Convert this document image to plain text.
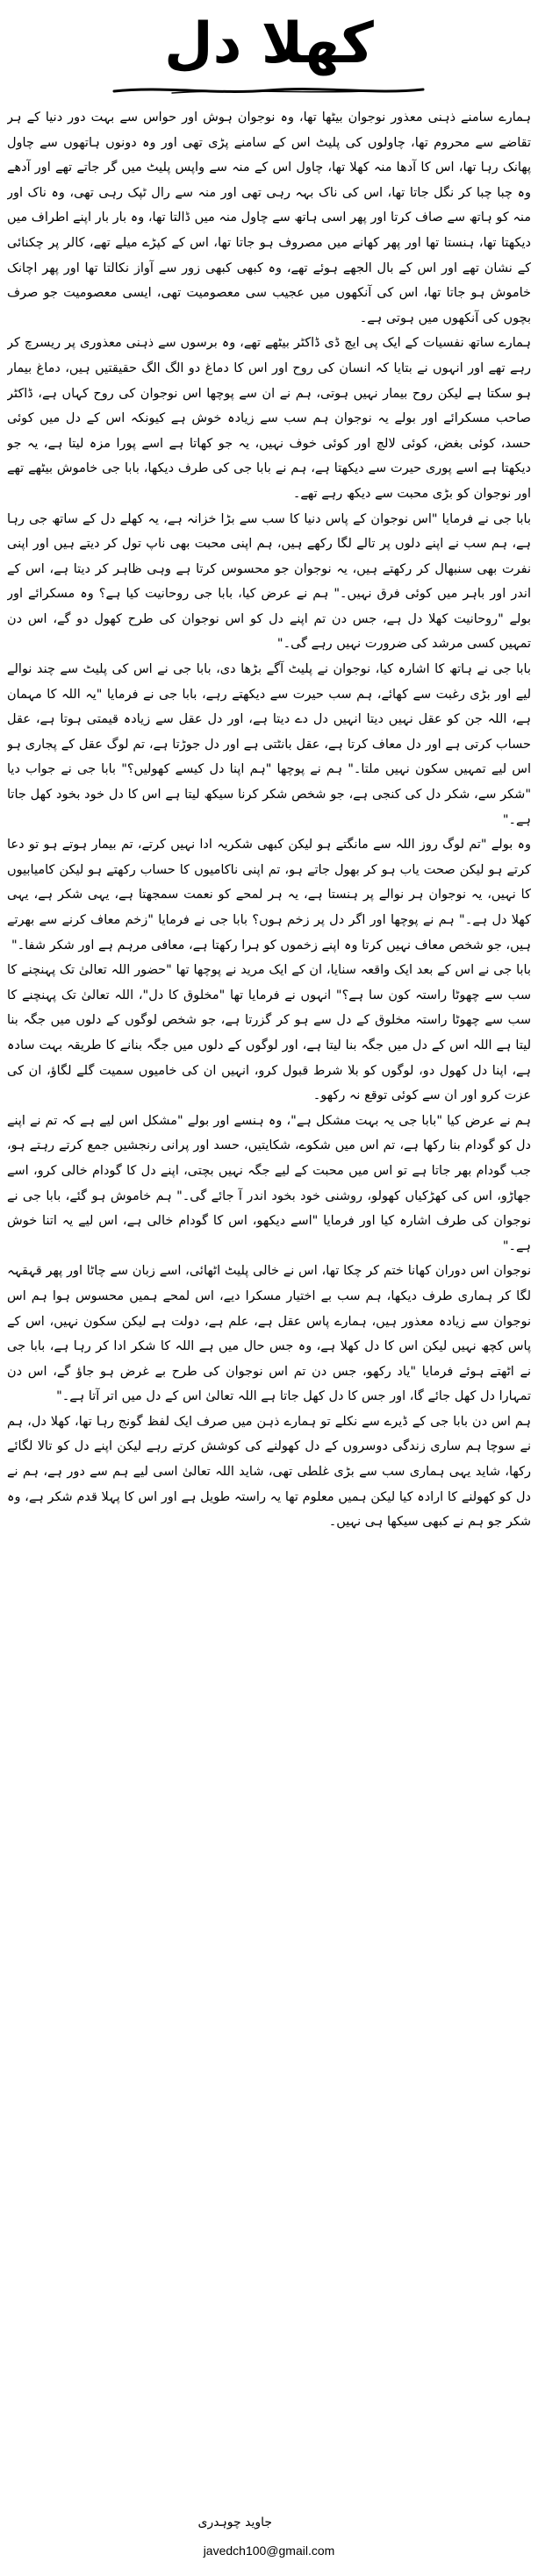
کھلا دل

ہمارے سامنے ذہنی معذور نوجوان بیٹھا تھا، وہ نوجوان ہوش اور حواس سے بہت دور دنیا کے ہر تقاضے سے محروم تھا، چاولوں کی پلیٹ اس کے سامنے پڑی تھی اور وہ دونوں ہاتھوں سے چاول پھانک رہا تھا، اس کا آدھا منہ کھلا تھا، چاول اس کے منہ سے واپس پلیٹ میں گر جاتے تھے اور آدھے وہ چبا چبا کر نگل جاتا تھا، اس کی ناک بہہ رہی تھی اور منہ سے رال ٹپک رہی تھی، وہ ناک اور منہ کو ہاتھ سے صاف کرتا اور پھر اسی ہاتھ سے چاول منہ میں ڈالتا تھا، وہ بار بار اپنے اطراف میں دیکھتا تھا، ہنستا تھا اور پھر کھانے میں مصروف ہو جاتا تھا، اس کے کپڑے میلے تھے، کالر پر چکنائی کے نشان تھے اور اس کے بال الجھے ہوئے تھے، وہ کبھی کبھی زور سے آواز نکالتا تھا اور پھر اچانک خاموش ہو جاتا تھا، اس کی آنکھوں میں عجیب سی معصومیت تھی، ایسی معصومیت جو صرف بچوں کی آنکھوں میں ہوتی ہے۔

ہمارے ساتھ نفسیات کے ایک پی ایچ ڈی ڈاکٹر بیٹھے تھے، وہ برسوں سے ذہنی معذوری پر ریسرچ کر رہے تھے اور انہوں نے بتایا کہ انسان کی روح اور اس کا دماغ دو الگ الگ حقیقتیں ہیں، دماغ بیمار ہو سکتا ہے لیکن روح بیمار نہیں ہوتی، ہم نے ان سے پوچھا اس نوجوان کی روح کہاں ہے، ڈاکٹر صاحب مسکرائے اور بولے یہ نوجوان ہم سب سے زیادہ خوش ہے کیونکہ اس کے دل میں کوئی حسد، کوئی بغض، کوئی لالچ اور کوئی خوف نہیں، یہ جو کھاتا ہے اسے پورا مزہ لیتا ہے، یہ جو دیکھتا ہے اسے پوری حیرت سے دیکھتا ہے، ہم نے بابا جی کی طرف دیکھا، بابا جی خاموش بیٹھے تھے اور نوجوان کو بڑی محبت سے دیکھ رہے تھے۔

بابا جی نے فرمایا "اس نوجوان کے پاس دنیا کا سب سے بڑا خزانہ ہے، یہ کھلے دل کے ساتھ جی رہا ہے، ہم سب نے اپنے دلوں پر تالے لگا رکھے ہیں، ہم اپنی محبت بھی ناپ تول کر دیتے ہیں اور اپنی نفرت بھی سنبھال کر رکھتے ہیں، یہ نوجوان جو محسوس کرتا ہے وہی ظاہر کر دیتا ہے، اس کے اندر اور باہر میں کوئی فرق نہیں۔" ہم نے عرض کیا، بابا جی روحانیت کیا ہے؟ وہ مسکرائے اور بولے "روحانیت کھلا دل ہے، جس دن تم اپنے دل کو اس نوجوان کی طرح کھول دو گے، اس دن تمہیں کسی مرشد کی ضرورت نہیں رہے گی۔"

بابا جی نے ہاتھ کا اشارہ کیا، نوجوان نے پلیٹ آگے بڑھا دی، بابا جی نے اس کی پلیٹ سے چند نوالے لیے اور بڑی رغبت سے کھائے، ہم سب حیرت سے دیکھتے رہے، بابا جی نے فرمایا "یہ اللہ کا مہمان ہے، اللہ جن کو عقل نہیں دیتا انہیں دل دے دیتا ہے، اور دل عقل سے زیادہ قیمتی ہوتا ہے، عقل حساب کرتی ہے اور دل معاف کرتا ہے، عقل بانٹتی ہے اور دل جوڑتا ہے، تم لوگ عقل کے پجاری ہو اس لیے تمہیں سکون نہیں ملتا۔" ہم نے پوچھا "ہم اپنا دل کیسے کھولیں؟" بابا جی نے جواب دیا "شکر سے، شکر دل کی کنجی ہے، جو شخص شکر کرنا سیکھ لیتا ہے اس کا دل خود بخود کھل جاتا ہے۔"

وہ بولے "تم لوگ روز اللہ سے مانگتے ہو لیکن کبھی شکریہ ادا نہیں کرتے، تم بیمار ہوتے ہو تو دعا کرتے ہو لیکن صحت یاب ہو کر بھول جاتے ہو، تم اپنی ناکامیوں کا حساب رکھتے ہو لیکن کامیابیوں کا نہیں، یہ نوجوان ہر نوالے پر ہنستا ہے، یہ ہر لمحے کو نعمت سمجھتا ہے، یہی شکر ہے، یہی کھلا دل ہے۔" ہم نے پوچھا اور اگر دل پر زخم ہوں؟ بابا جی نے فرمایا "زخم معاف کرنے سے بھرتے ہیں، جو شخص معاف نہیں کرتا وہ اپنے زخموں کو ہرا رکھتا ہے، معافی مرہم ہے اور شکر شفا۔"

بابا جی نے اس کے بعد ایک واقعہ سنایا، ان کے ایک مرید نے پوچھا تھا "حضور اللہ تعالیٰ تک پہنچنے کا سب سے چھوٹا راستہ کون سا ہے؟" انہوں نے فرمایا تھا "مخلوق کا دل"، اللہ تعالیٰ تک پہنچنے کا سب سے چھوٹا راستہ مخلوق کے دل سے ہو کر گزرتا ہے، جو شخص لوگوں کے دلوں میں جگہ بنا لیتا ہے اللہ اس کے دل میں جگہ بنا لیتا ہے، اور لوگوں کے دلوں میں جگہ بنانے کا طریقہ بہت سادہ ہے، اپنا دل کھول دو، لوگوں کو بلا شرط قبول کرو، انہیں ان کی خامیوں سمیت گلے لگاؤ، ان کی عزت کرو اور ان سے کوئی توقع نہ رکھو۔

ہم نے عرض کیا "بابا جی یہ بہت مشکل ہے"، وہ ہنسے اور بولے "مشکل اس لیے ہے کہ تم نے اپنے دل کو گودام بنا رکھا ہے، تم اس میں شکوے، شکایتیں، حسد اور پرانی رنجشیں جمع کرتے رہتے ہو، جب گودام بھر جاتا ہے تو اس میں محبت کے لیے جگہ نہیں بچتی، اپنے دل کا گودام خالی کرو، اسے جھاڑو، اس کی کھڑکیاں کھولو، روشنی خود بخود اندر آ جائے گی۔" ہم خاموش ہو گئے، بابا جی نے نوجوان کی طرف اشارہ کیا اور فرمایا "اسے دیکھو، اس کا گودام خالی ہے، اس لیے یہ اتنا خوش ہے۔"

نوجوان اس دوران کھانا ختم کر چکا تھا، اس نے خالی پلیٹ اٹھائی، اسے زبان سے چاٹا اور پھر قہقہہ لگا کر ہماری طرف دیکھا، ہم سب بے اختیار مسکرا دیے، اس لمحے ہمیں محسوس ہوا ہم اس نوجوان سے زیادہ معذور ہیں، ہمارے پاس عقل ہے، علم ہے، دولت ہے لیکن سکون نہیں، اس کے پاس کچھ نہیں لیکن اس کا دل کھلا ہے، وہ جس حال میں ہے اللہ کا شکر ادا کر رہا ہے، بابا جی نے اٹھتے ہوئے فرمایا "یاد رکھو، جس دن تم اس نوجوان کی طرح بے غرض ہو جاؤ گے، اس دن تمہارا دل کھل جائے گا، اور جس کا دل کھل جاتا ہے اللہ تعالیٰ اس کے دل میں اتر آتا ہے۔"

ہم اس دن بابا جی کے ڈیرے سے نکلے تو ہمارے ذہن میں صرف ایک لفظ گونج رہا تھا، کھلا دل، ہم نے سوچا ہم ساری زندگی دوسروں کے دل کھولنے کی کوشش کرتے رہے لیکن اپنے دل کو تالا لگائے رکھا، شاید یہی ہماری سب سے بڑی غلطی تھی، شاید اللہ تعالیٰ اسی لیے ہم سے دور ہے، ہم نے دل کو کھولنے کا ارادہ کیا لیکن ہمیں معلوم تھا یہ راستہ طویل ہے اور اس کا پہلا قدم شکر ہے، وہ شکر جو ہم نے کبھی سیکھا ہی نہیں۔

جاوید چوہدری
javedch100@gmail.com
